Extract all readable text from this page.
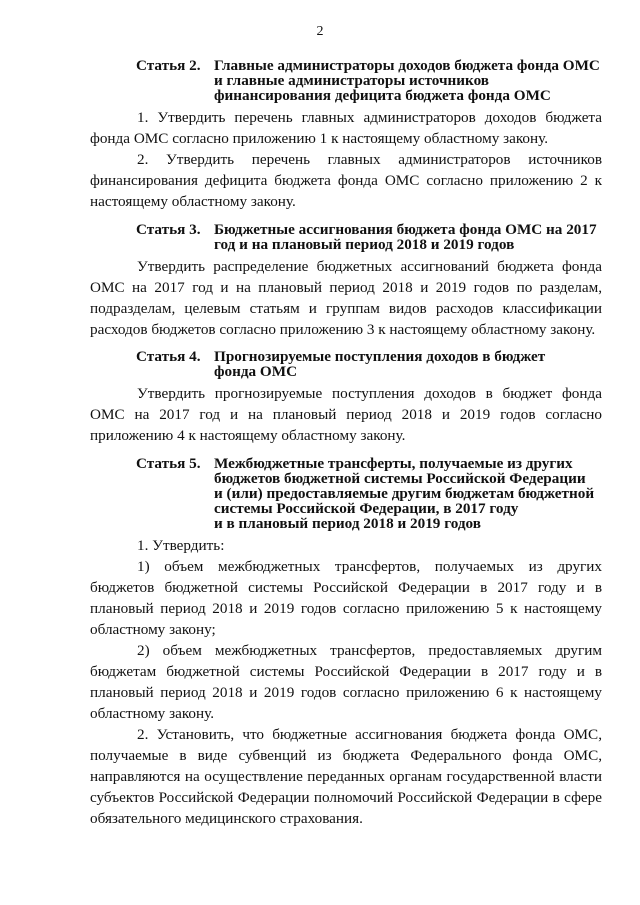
2
Статья 2. Главные администраторы доходов бюджета фонда ОМС
и главные администраторы источников
финансирования дефицита бюджета фонда ОМС

1. Утвердить перечень главных администраторов доходов бюджета фонда ОМС согласно приложению 1 к настоящему областному закону.

2. Утвердить перечень главных администраторов источников финансирования дефицита бюджета фонда ОМС согласно приложению 2 к настоящему областному закону.

Статья 3. Бюджетные ассигнования бюджета фонда ОМС на 2017
год и на плановый период 2018 и 2019 годов

Утвердить распределение бюджетных ассигнований бюджета фонда ОМС на 2017 год и на плановый период 2018 и 2019 годов по разделам, подразделам, целевым статьям и группам видов расходов классификации расходов бюджетов согласно приложению 3 к настоящему областному закону.

Статья 4. Прогнозируемые поступления доходов в бюджет
фонда ОМС

Утвердить прогнозируемые поступления доходов в бюджет фонда ОМС на 2017 год и на плановый период 2018 и 2019 годов согласно приложению 4 к настоящему областному закону.

Статья 5. Межбюджетные трансферты, получаемые из других
бюджетов бюджетной системы Российской Федерации
и (или) предоставляемые другим бюджетам бюджетной
системы Российской Федерации, в 2017 году
и в плановый период 2018 и 2019 годов

1. Утвердить:

1) объем межбюджетных трансфертов, получаемых из других бюджетов бюджетной системы Российской Федерации в 2017 году и в плановый период 2018 и 2019 годов согласно приложению 5 к настоящему областному закону;

2) объем межбюджетных трансфертов, предоставляемых другим бюджетам бюджетной системы Российской Федерации в 2017 году и в плановый период 2018 и 2019 годов согласно приложению 6 к настоящему областному закону.

2. Установить, что бюджетные ассигнования бюджета фонда ОМС, получаемые в виде субвенций из бюджета Федерального фонда ОМС, направляются на осуществление переданных органам государственной власти субъектов Российской Федерации полномочий Российской Федерации в сфере обязательного медицинского страхования.
